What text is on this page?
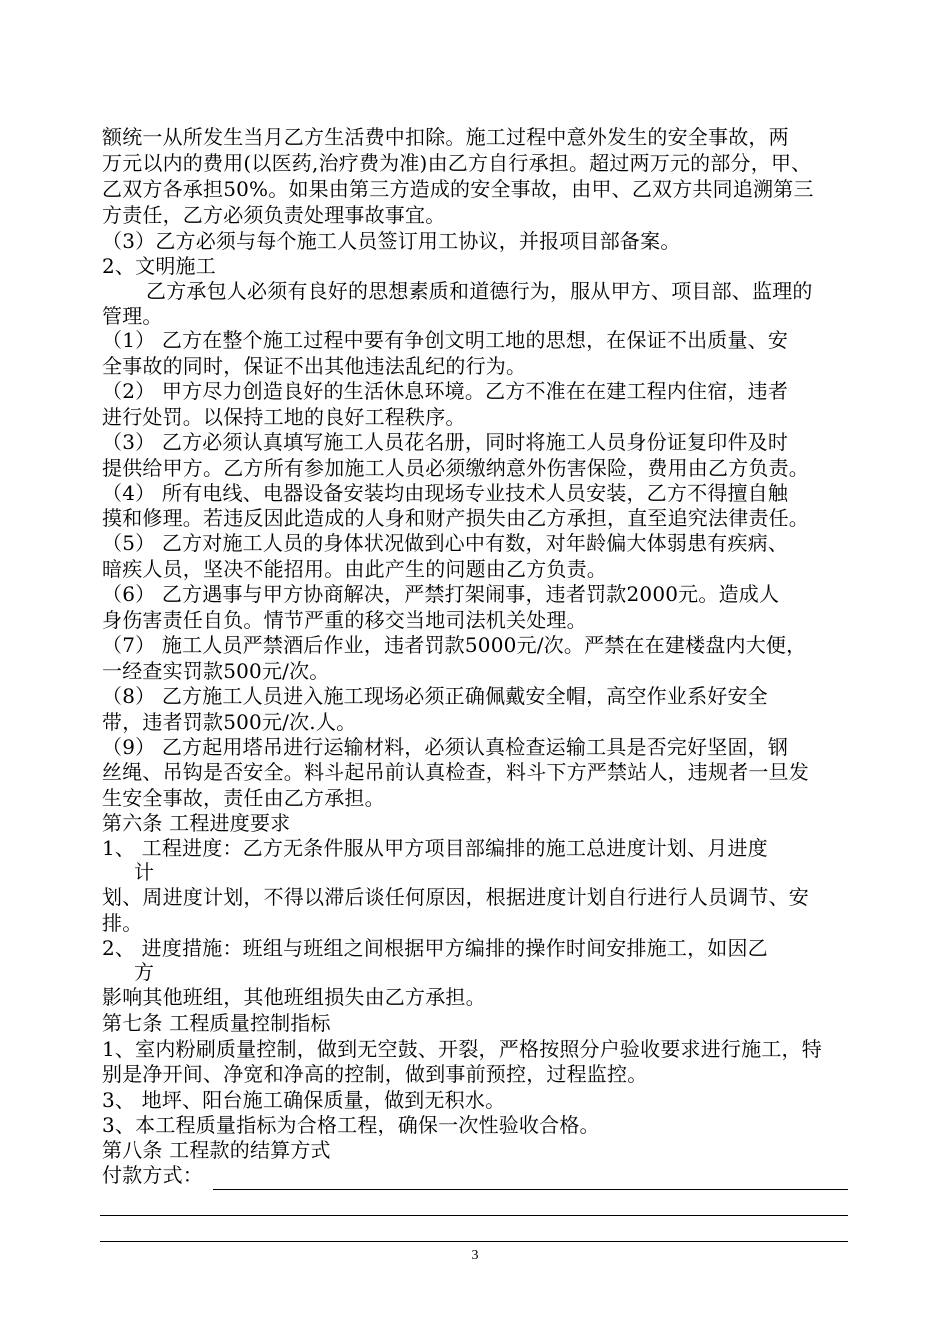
额统一从所发生当月乙方生活费中扣除。施工过程中意外发生的安全事故，两
万元以内的费用(以医药,治疗费为准)由乙方自行承担。超过两万元的部分，甲、
乙双方各承担50%。如果由第三方造成的安全事故，由甲、乙双方共同追溯第三
方责任，乙方必须负责处理事故事宜。
（3）乙方必须与每个施工人员签订用工协议，并报项目部备案。
2、文明施工
乙方承包人必须有良好的思想素质和道德行为，服从甲方、项目部、监理的
管理。
（1） 乙方在整个施工过程中要有争创文明工地的思想，在保证不出质量、安
全事故的同时，保证不出其他违法乱纪的行为。
（2） 甲方尽力创造良好的生活休息环境。乙方不准在在建工程内住宿，违者
进行处罚。以保持工地的良好工程秩序。
（3） 乙方必须认真填写施工人员花名册，同时将施工人员身份证复印件及时
提供给甲方。乙方所有参加施工人员必须缴纳意外伤害保险，费用由乙方负责。
（4） 所有电线、电器设备安装均由现场专业技术人员安装，乙方不得擅自触
摸和修理。若违反因此造成的人身和财产损失由乙方承担，直至追究法律责任。
（5） 乙方对施工人员的身体状况做到心中有数，对年龄偏大体弱患有疾病、
暗疾人员，坚决不能招用。由此产生的问题由乙方负责。
（6） 乙方遇事与甲方协商解决，严禁打架闹事，违者罚款2000元。造成人
身伤害责任自负。情节严重的移交当地司法机关处理。
（7） 施工人员严禁酒后作业，违者罚款5000元/次。严禁在在建楼盘内大便，
一经查实罚款500元/次。
（8） 乙方施工人员进入施工现场必须正确佩戴安全帽，高空作业系好安全
带，违者罚款500元/次.人。
（9） 乙方起用塔吊进行运输材料，必须认真检查运输工具是否完好坚固，钢
丝绳、吊钩是否安全。料斗起吊前认真检查，料斗下方严禁站人，违规者一旦发
生安全事故，责任由乙方承担。
第六条 工程进度要求
1、 工程进度：乙方无条件服从甲方项目部编排的施工总进度计划、月进度
计
划、周进度计划，不得以滞后谈任何原因，根据进度计划自行进行人员调节、安
排。
2、 进度措施：班组与班组之间根据甲方编排的操作时间安排施工，如因乙
方
影响其他班组，其他班组损失由乙方承担。
第七条 工程质量控制指标
1、室内粉刷质量控制，做到无空鼓、开裂，严格按照分户验收要求进行施工，特
别是净开间、净宽和净高的控制，做到事前预控，过程监控。
3、 地坪、阳台施工确保质量，做到无积水。
3、本工程质量指标为合格工程，确保一次性验收合格。
第八条 工程款的结算方式
付款方式：
3
